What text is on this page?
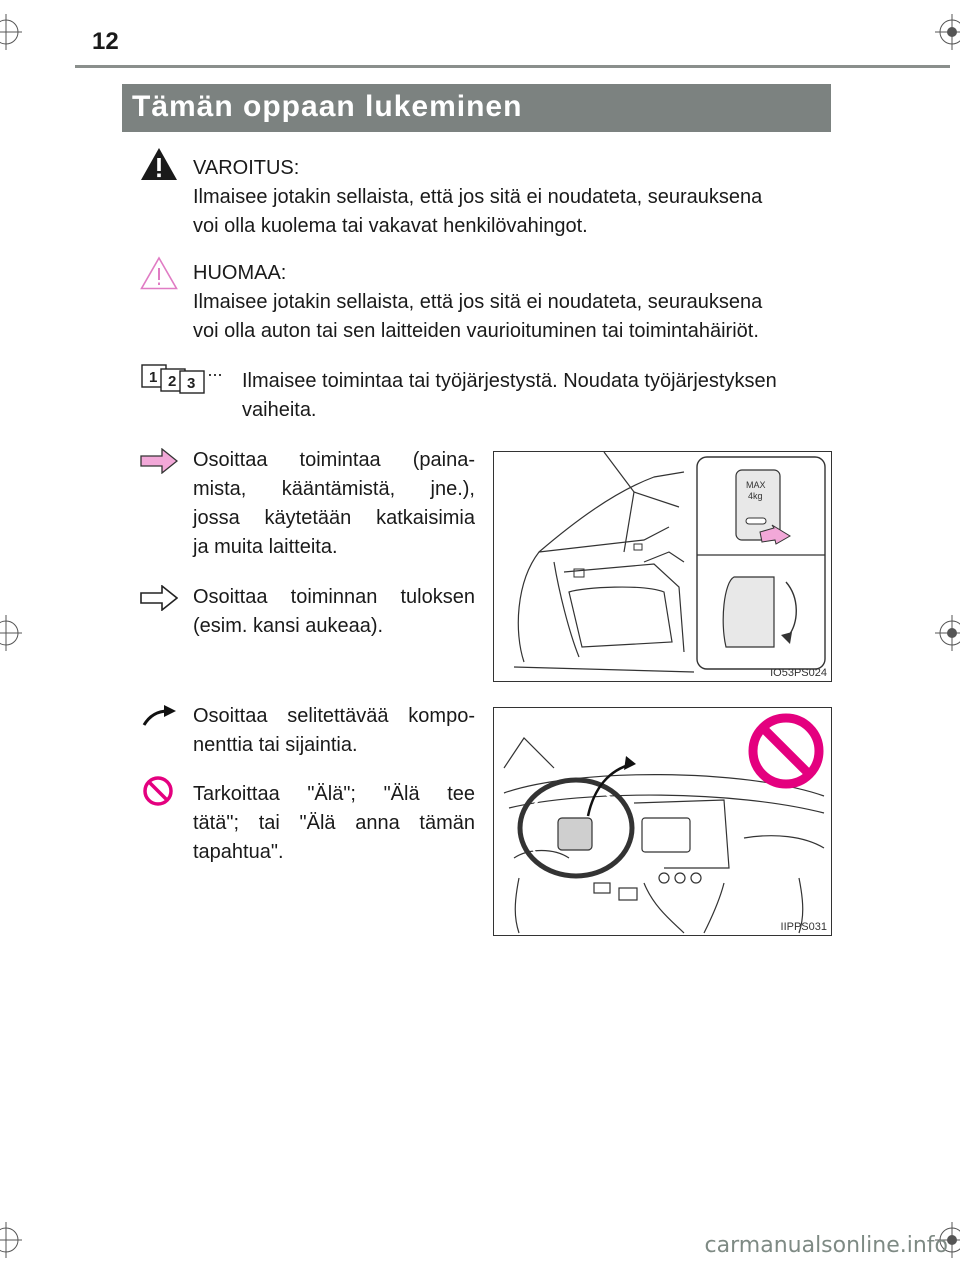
12
Tämän oppaan lukeminen
VAROITUS:
Ilmaisee jotakin sellaista, että jos sitä ei noudateta, seurauksena
voi olla kuolema tai vakavat henkilövahingot.
HUOMAA:
Ilmaisee jotakin sellaista, että jos sitä ei noudateta, seurauksena
voi olla auton tai sen laitteiden vaurioituminen tai toimintahäiriöt.
1 2 3 ··· Ilmaisee toimintaa tai työjärjestystä. Noudata työjärjestyksen
vaiheita.
Osoittaa toimintaa (paina-
mista, kääntämistä, jne.),
jossa käytetään katkaisimia
ja muita laitteita.
Osoittaa toiminnan tuloksen
(esim. kansi aukeaa).
MAX
4kg
IO53PS024
Osoittaa selitettävää kompo-
nenttia tai sijaintia.
Tarkoittaa "Älä"; "Älä tee
tätä"; tai "Älä anna tämän
tapahtua".
IIPPS031
carmanualsonline.info
